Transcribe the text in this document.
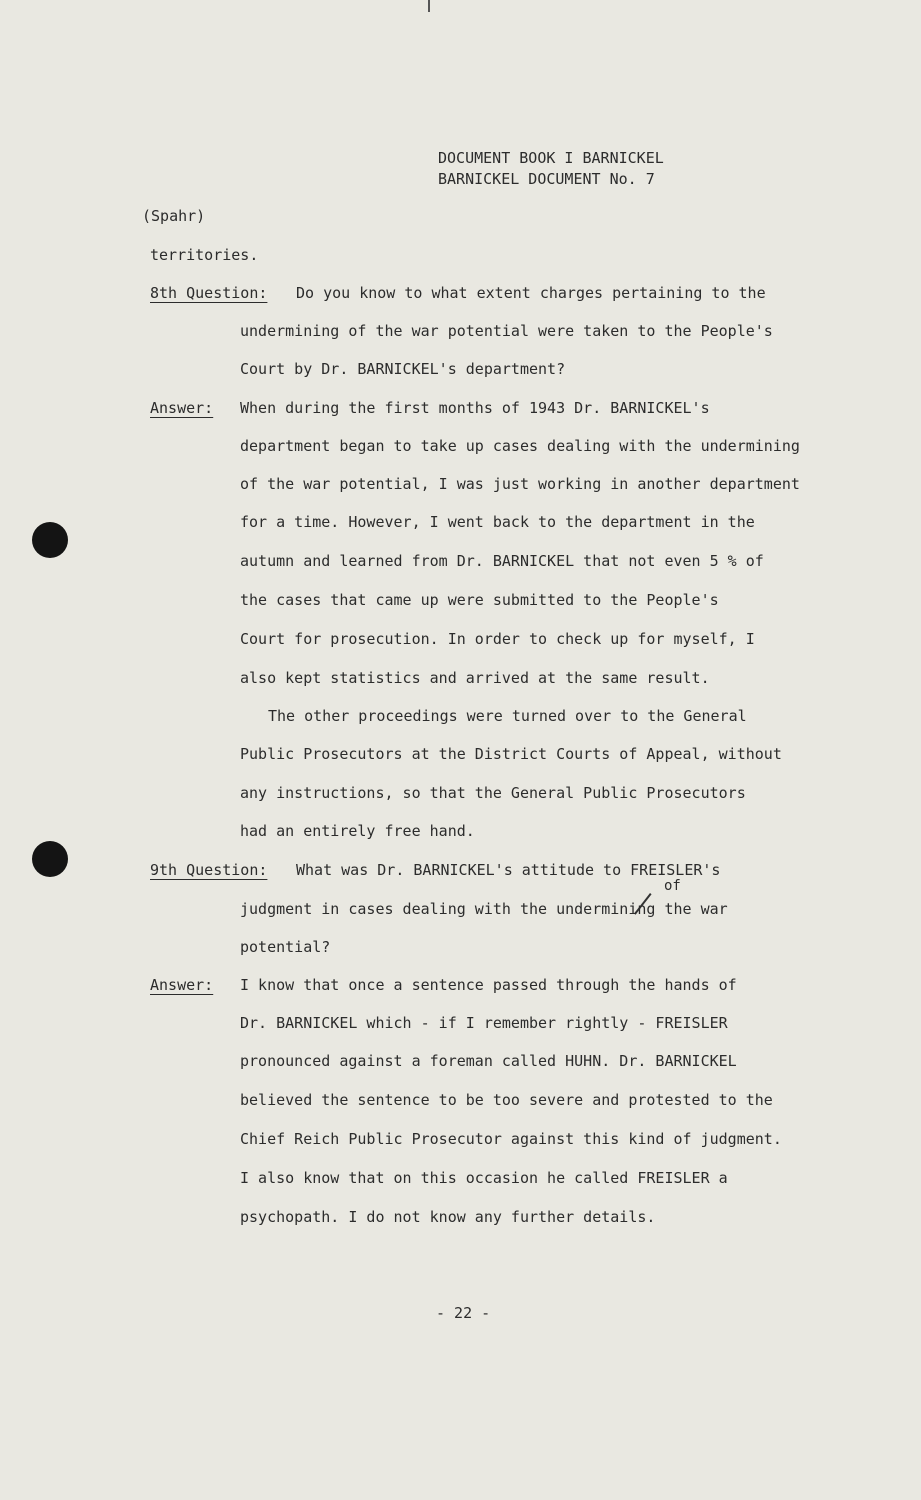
DOCUMENT BOOK I BARNICKEL
BARNICKEL DOCUMENT No. 7
(Spahr)
territories.
8th Question: Do you know to what extent charges pertaining to the
undermining of the war potential were taken to the People's
Court by Dr. BARNICKEL's department?
Answer: When during the first months of 1943 Dr. BARNICKEL's
department began to take up cases dealing with the undermining
of the war potential, I was just working in another department
for a time. However, I went back to the department in the
autumn and learned from Dr. BARNICKEL that not even 5 % of
the cases that came up were submitted to the People's
Court for prosecution. In order to check up for myself, I
also kept statistics and arrived at the same result.
The other proceedings were turned over to the General
Public Prosecutors at the District Courts of Appeal, without
any instructions, so that the General Public Prosecutors
had an entirely free hand.
9th Question: What was Dr. BARNICKEL's attitude to FREISLER's
of
judgment in cases dealing with the undermining the war
potential?
Answer: I know that once a sentence passed through the hands of
Dr. BARNICKEL which - if I remember rightly - FREISLER
pronounced against a foreman called HUHN. Dr. BARNICKEL
believed the sentence to be too severe and protested to the
Chief Reich Public Prosecutor against this kind of judgment.
I also know that on this occasion he called FREISLER a
psychopath. I do not know any further details.
- 22 -
